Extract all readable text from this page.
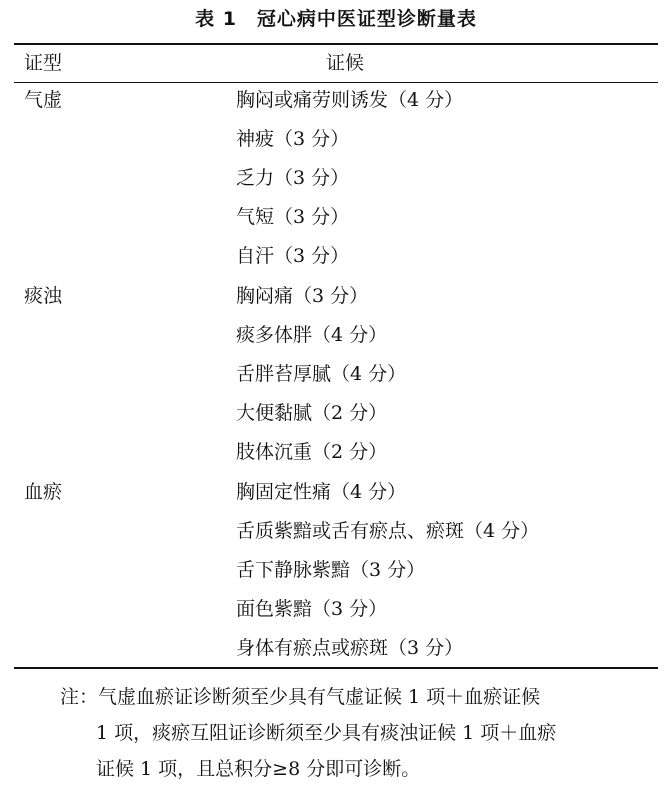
表 1　冠心病中医证型诊断量表
证型	证候
气虚	胸闷或痛劳则诱发（4 分）
神疲（3 分）
乏力（3 分）
气短（3 分）
自汗（3 分）
痰浊	胸闷痛（3 分）
痰多体胖（4 分）
舌胖苔厚腻（4 分）
大便黏腻（2 分）
肢体沉重（2 分）
血瘀	胸固定性痛（4 分）
舌质紫黯或舌有瘀点、瘀斑（4 分）
舌下静脉紫黯（3 分）
面色紫黯（3 分）
身体有瘀点或瘀斑（3 分）
注：气虚血瘀证诊断须至少具有气虚证候 1 项＋血瘀证候
1 项，痰瘀互阻证诊断须至少具有痰浊证候 1 项＋血瘀
证候 1 项，且总积分≥8 分即可诊断。
